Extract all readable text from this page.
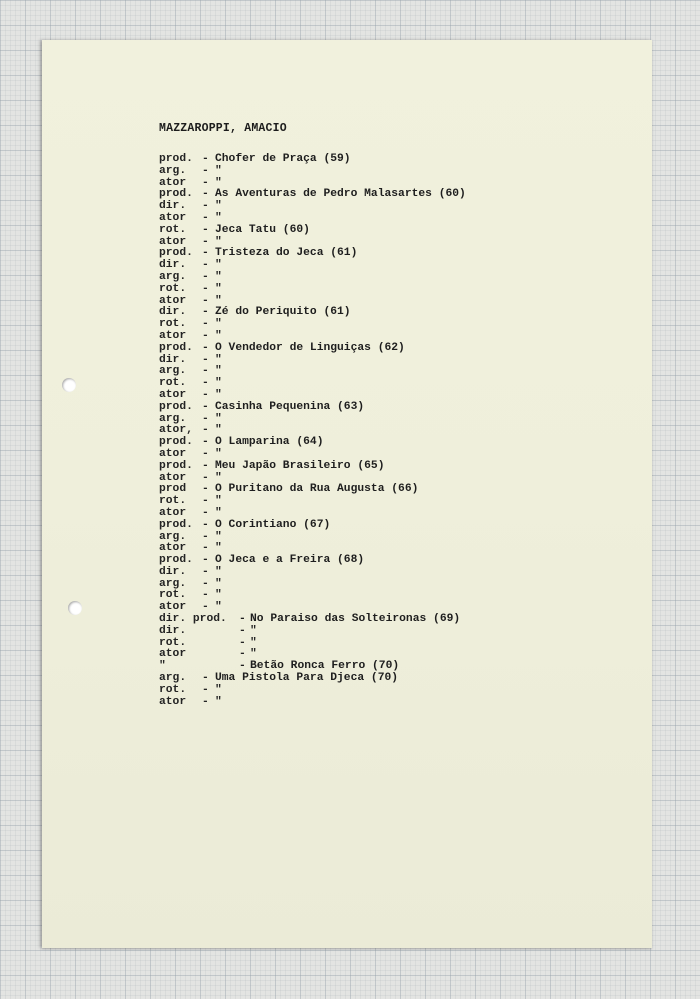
MAZZAROPPI, AMACIO
prod. - Chofer de Praça (59)
arg. - "
ator - "
prod. - As Aventuras de Pedro Malasartes (60)
dir. - "
ator - "
rot. - Jeca Tatu (60)
ator - "
prod. - Tristeza do Jeca (61)
dir. - "
arg. - "
rot. - "
ator - "
dir. - Zé do Periquito (61)
rot. - "
ator - "
prod. - O Vendedor de Linguiças (62)
dir. - "
arg. - "
rot. - "
ator - "
prod. - Casinha Pequenina (63)
arg. - "
ator, - "
prod. - O Lamparina (64)
ator - "
prod. - Meu Japão Brasileiro (65)
ator - "
prod - O Puritano da Rua Augusta (66)
rot. - "
ator - "
prod. - O Corintiano (67)
arg. - "
ator - "
prod. - O Jeca e a Freira (68)
dir. - "
arg. - "
rot. - "
ator - "
dir. prod. - No Paraiso das Solteironas (69)
dir.	- "
rot.	- "
ator	- "
"	- Betão Ronca Ferro (70)
arg. - Uma Pistola Para Djeca (70)
rot. - "
ator - "
